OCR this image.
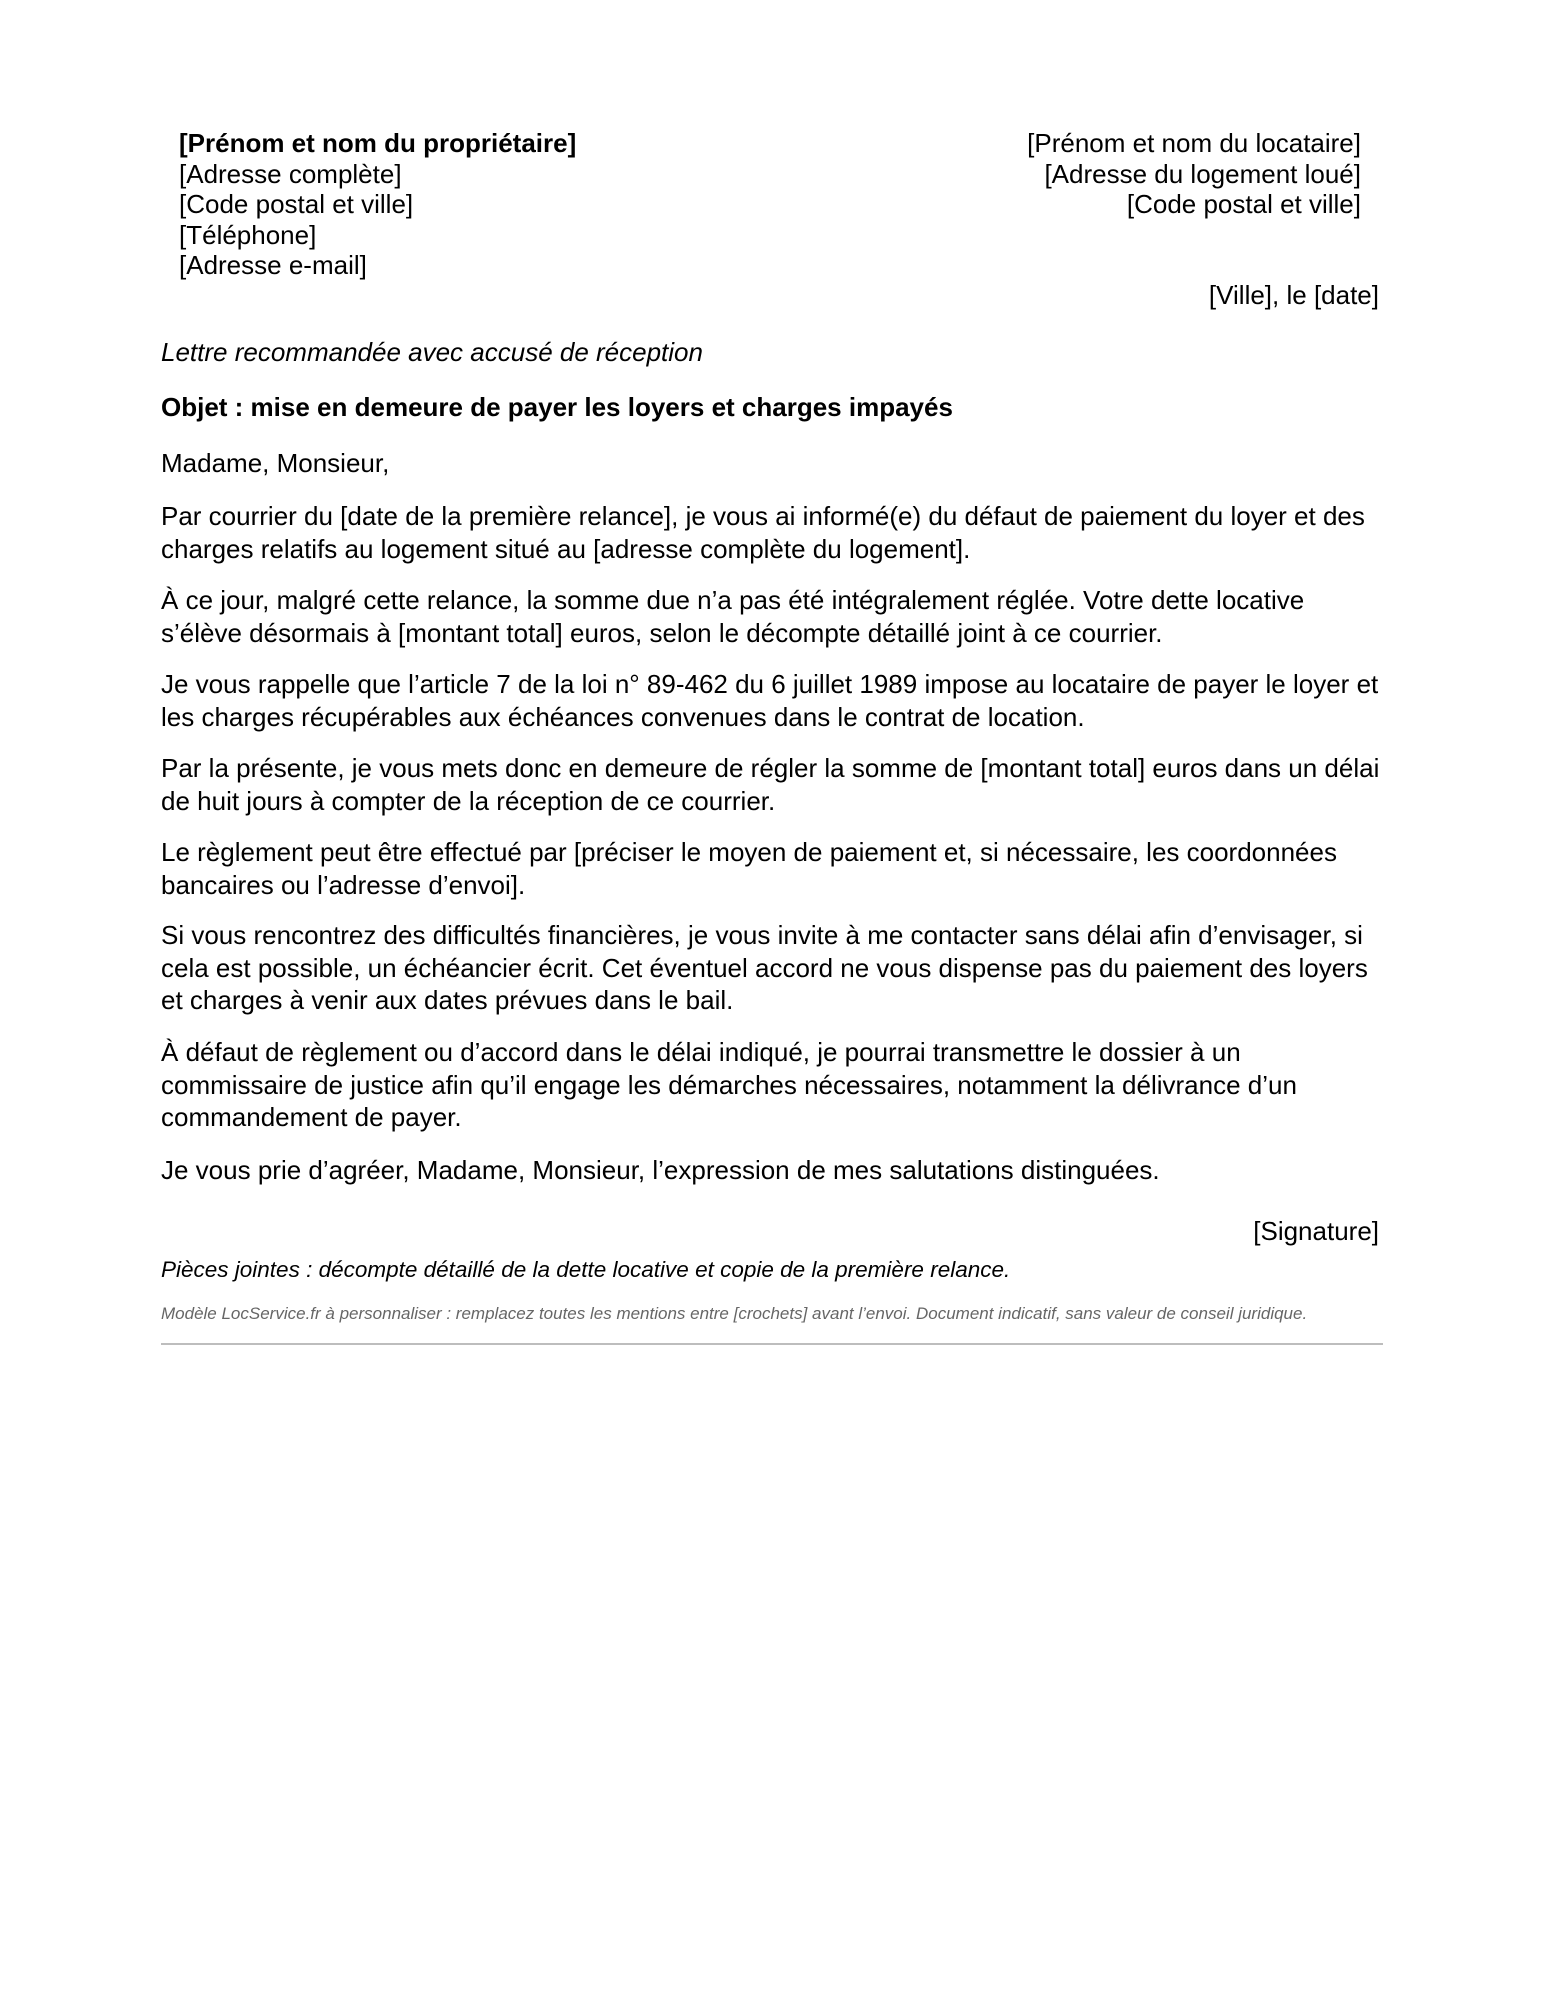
[Prénom et nom du propriétaire]
[Adresse complète]
[Code postal et ville]
[Téléphone]
[Adresse e-mail]
[Prénom et nom du locataire]
[Adresse du logement loué]
[Code postal et ville]
[Ville], le [date]
Lettre recommandée avec accusé de réception
Objet : mise en demeure de payer les loyers et charges impayés
Madame, Monsieur,
Par courrier du [date de la première relance], je vous ai informé(e) du défaut de paiement du loyer et des charges relatifs au logement situé au [adresse complète du logement].
À ce jour, malgré cette relance, la somme due n’a pas été intégralement réglée. Votre dette locative s’élève désormais à [montant total] euros, selon le décompte détaillé joint à ce courrier.
Je vous rappelle que l’article 7 de la loi n° 89-462 du 6 juillet 1989 impose au locataire de payer le loyer et les charges récupérables aux échéances convenues dans le contrat de location.
Par la présente, je vous mets donc en demeure de régler la somme de [montant total] euros dans un délai de huit jours à compter de la réception de ce courrier.
Le règlement peut être effectué par [préciser le moyen de paiement et, si nécessaire, les coordonnées bancaires ou l’adresse d’envoi].
Si vous rencontrez des difficultés financières, je vous invite à me contacter sans délai afin d’envisager, si cela est possible, un échéancier écrit. Cet éventuel accord ne vous dispense pas du paiement des loyers et charges à venir aux dates prévues dans le bail.
À défaut de règlement ou d’accord dans le délai indiqué, je pourrai transmettre le dossier à un commissaire de justice afin qu’il engage les démarches nécessaires, notamment la délivrance d’un commandement de payer.
Je vous prie d’agréer, Madame, Monsieur, l’expression de mes salutations distinguées.
[Signature]
Pièces jointes : décompte détaillé de la dette locative et copie de la première relance.
Modèle LocService.fr à personnaliser : remplacez toutes les mentions entre [crochets] avant l’envoi. Document indicatif, sans valeur de conseil juridique.
